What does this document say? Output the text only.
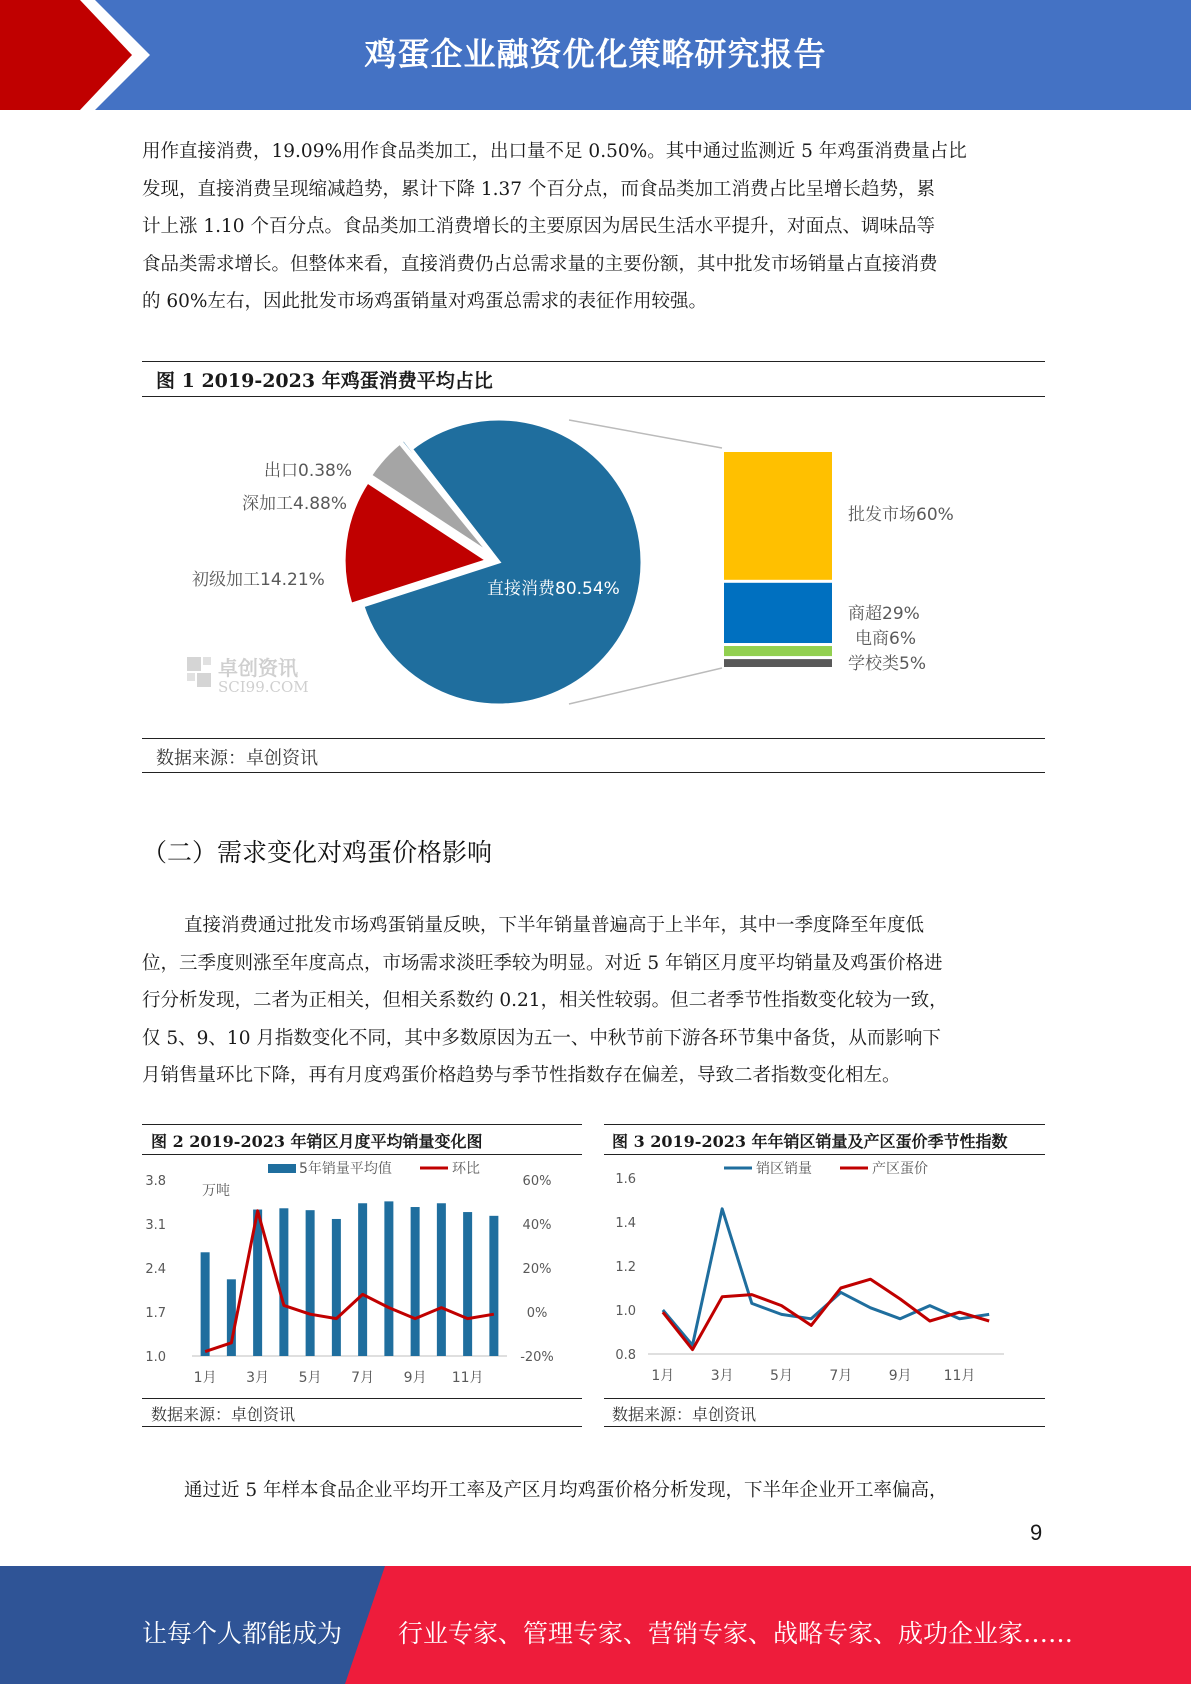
鸡蛋企业融资优化策略研究报告
用作直接消费，19.09%用作食品类加工，出口量不足 0.50%。其中通过监测近 5 年鸡蛋消费量占比
发现，直接消费呈现缩减趋势，累计下降 1.37 个百分点，而食品类加工消费占比呈增长趋势，累
计上涨 1.10 个百分点。食品类加工消费增长的主要原因为居民生活水平提升，对面点、调味品等
食品类需求增长。但整体来看，直接消费仍占总需求量的主要份额，其中批发市场销量占直接消费
的 60%左右，因此批发市场鸡蛋销量对鸡蛋总需求的表征作用较强。
图 1 2019-2023 年鸡蛋消费平均占比
直接消费80.54%
初级加工14.21%
深加工4.88%
出口0.38%
批发市场60%
商超29%
电商6%
学校类5%
卓创资讯
SCI99.COM
数据来源：卓创资讯
（二）需求变化对鸡蛋价格影响
直接消费通过批发市场鸡蛋销量反映，下半年销量普遍高于上半年，其中一季度降至年度低
位，三季度则涨至年度高点，市场需求淡旺季较为明显。对近 5 年销区月度平均销量及鸡蛋价格进
行分析发现，二者为正相关，但相关系数约 0.21，相关性较弱。但二者季节性指数变化较为一致，
仅 5、9、10 月指数变化不同，其中多数原因为五一、中秋节前下游各环节集中备货，从而影响下
月销售量环比下降，再有月度鸡蛋价格趋势与季节性指数存在偏差，导致二者指数变化相左。
图 2 2019-2023 年销区月度平均销量变化图
1.0
1.7
2.4
3.1
3.8
-20%
0%
20%
40%
60%
万吨
1月 3月 5月 7月 9月 11月
5年销量平均值	环比
数据来源：卓创资讯
图 3 2019-2023 年年销区销量及产区蛋价季节性指数
0.8
1.0
1.2
1.4
1.6
1月	3月	5月	7月	9月 11月
销区销量	产区蛋价
数据来源：卓创资讯
通过近 5 年样本食品企业平均开工率及产区月均鸡蛋价格分析发现，下半年企业开工率偏高，
9
让每个人都能成为 行业专家、管理专家、营销专家、战略专家、成功企业家……
